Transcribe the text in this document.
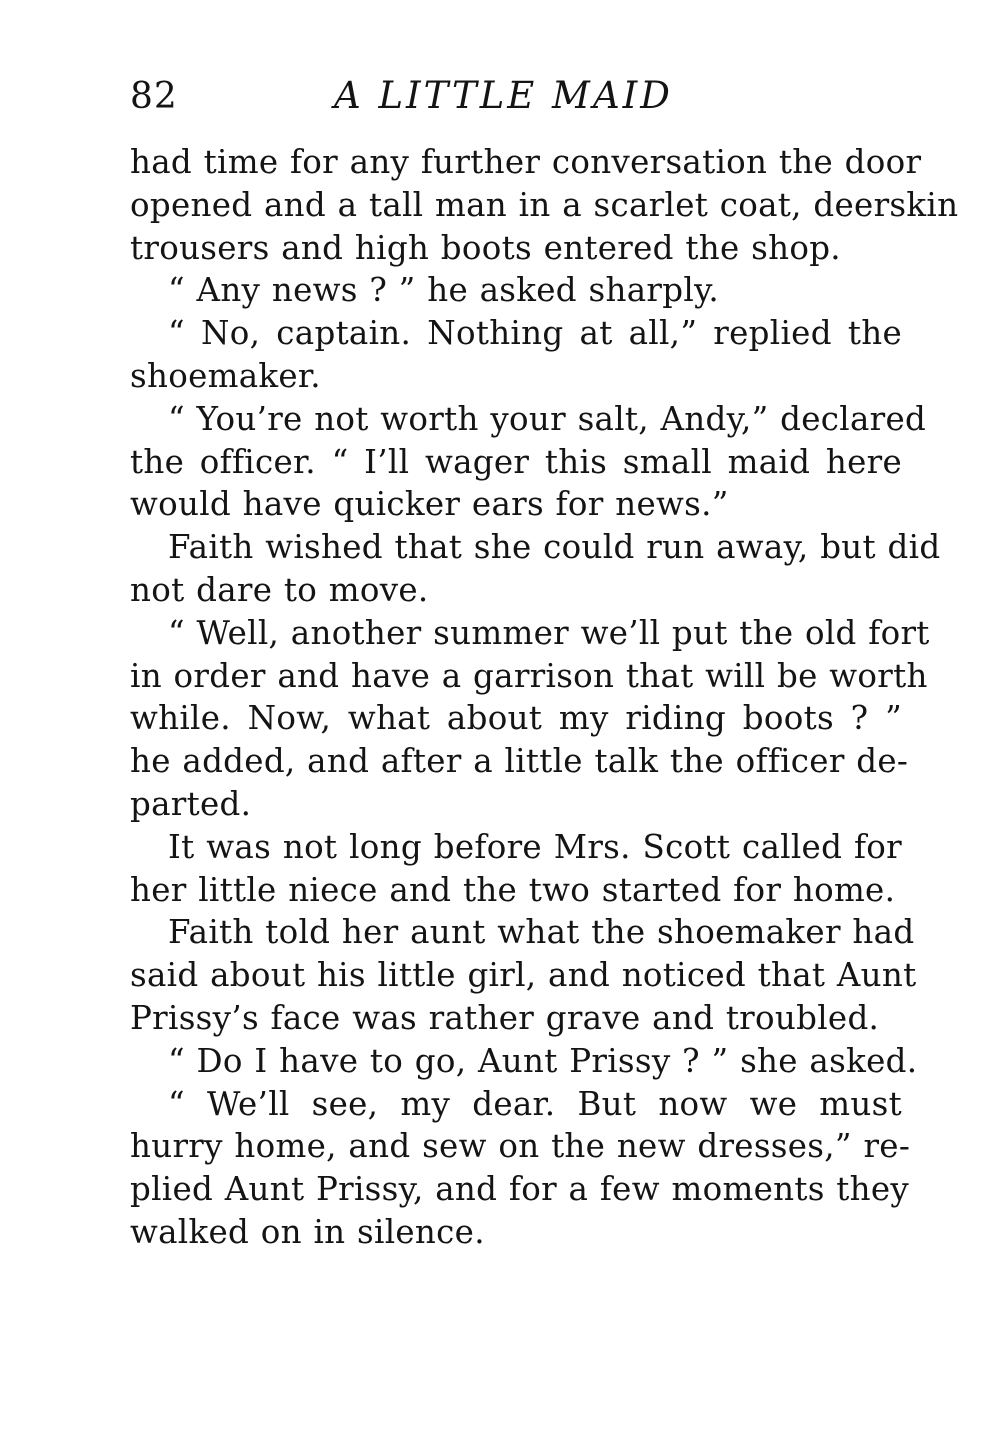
82	A LITTLE MAID

had time for any further conversation the door
opened and a tall man in a scarlet coat, deerskin
trousers and high boots entered the shop.

“ Any news ? ” he asked sharply.

“ No, captain. Nothing at all,” replied the
shoemaker.

“ You’re not worth your salt, Andy,” declared
the officer. “ I’ll wager this small maid here
would have quicker ears for news.”

Faith wished that she could run away, but did
not dare to move.

“ Well, another summer we’ll put the old fort
in order and have a garrison that will be worth
while. Now, what about my riding boots ? ”
he added, and after a little talk the officer de-
parted.

It was not long before Mrs. Scott called for
her little niece and the two started for home.

Faith told her aunt what the shoemaker had
said about his little girl, and noticed that Aunt
Prissy’s face was rather grave and troubled.

“ Do I have to go, Aunt Prissy ? ” she asked.

“ We’ll see, my dear. But now we must
hurry home, and sew on the new dresses,” re-
plied Aunt Prissy, and for a few moments they
walked on in silence.
